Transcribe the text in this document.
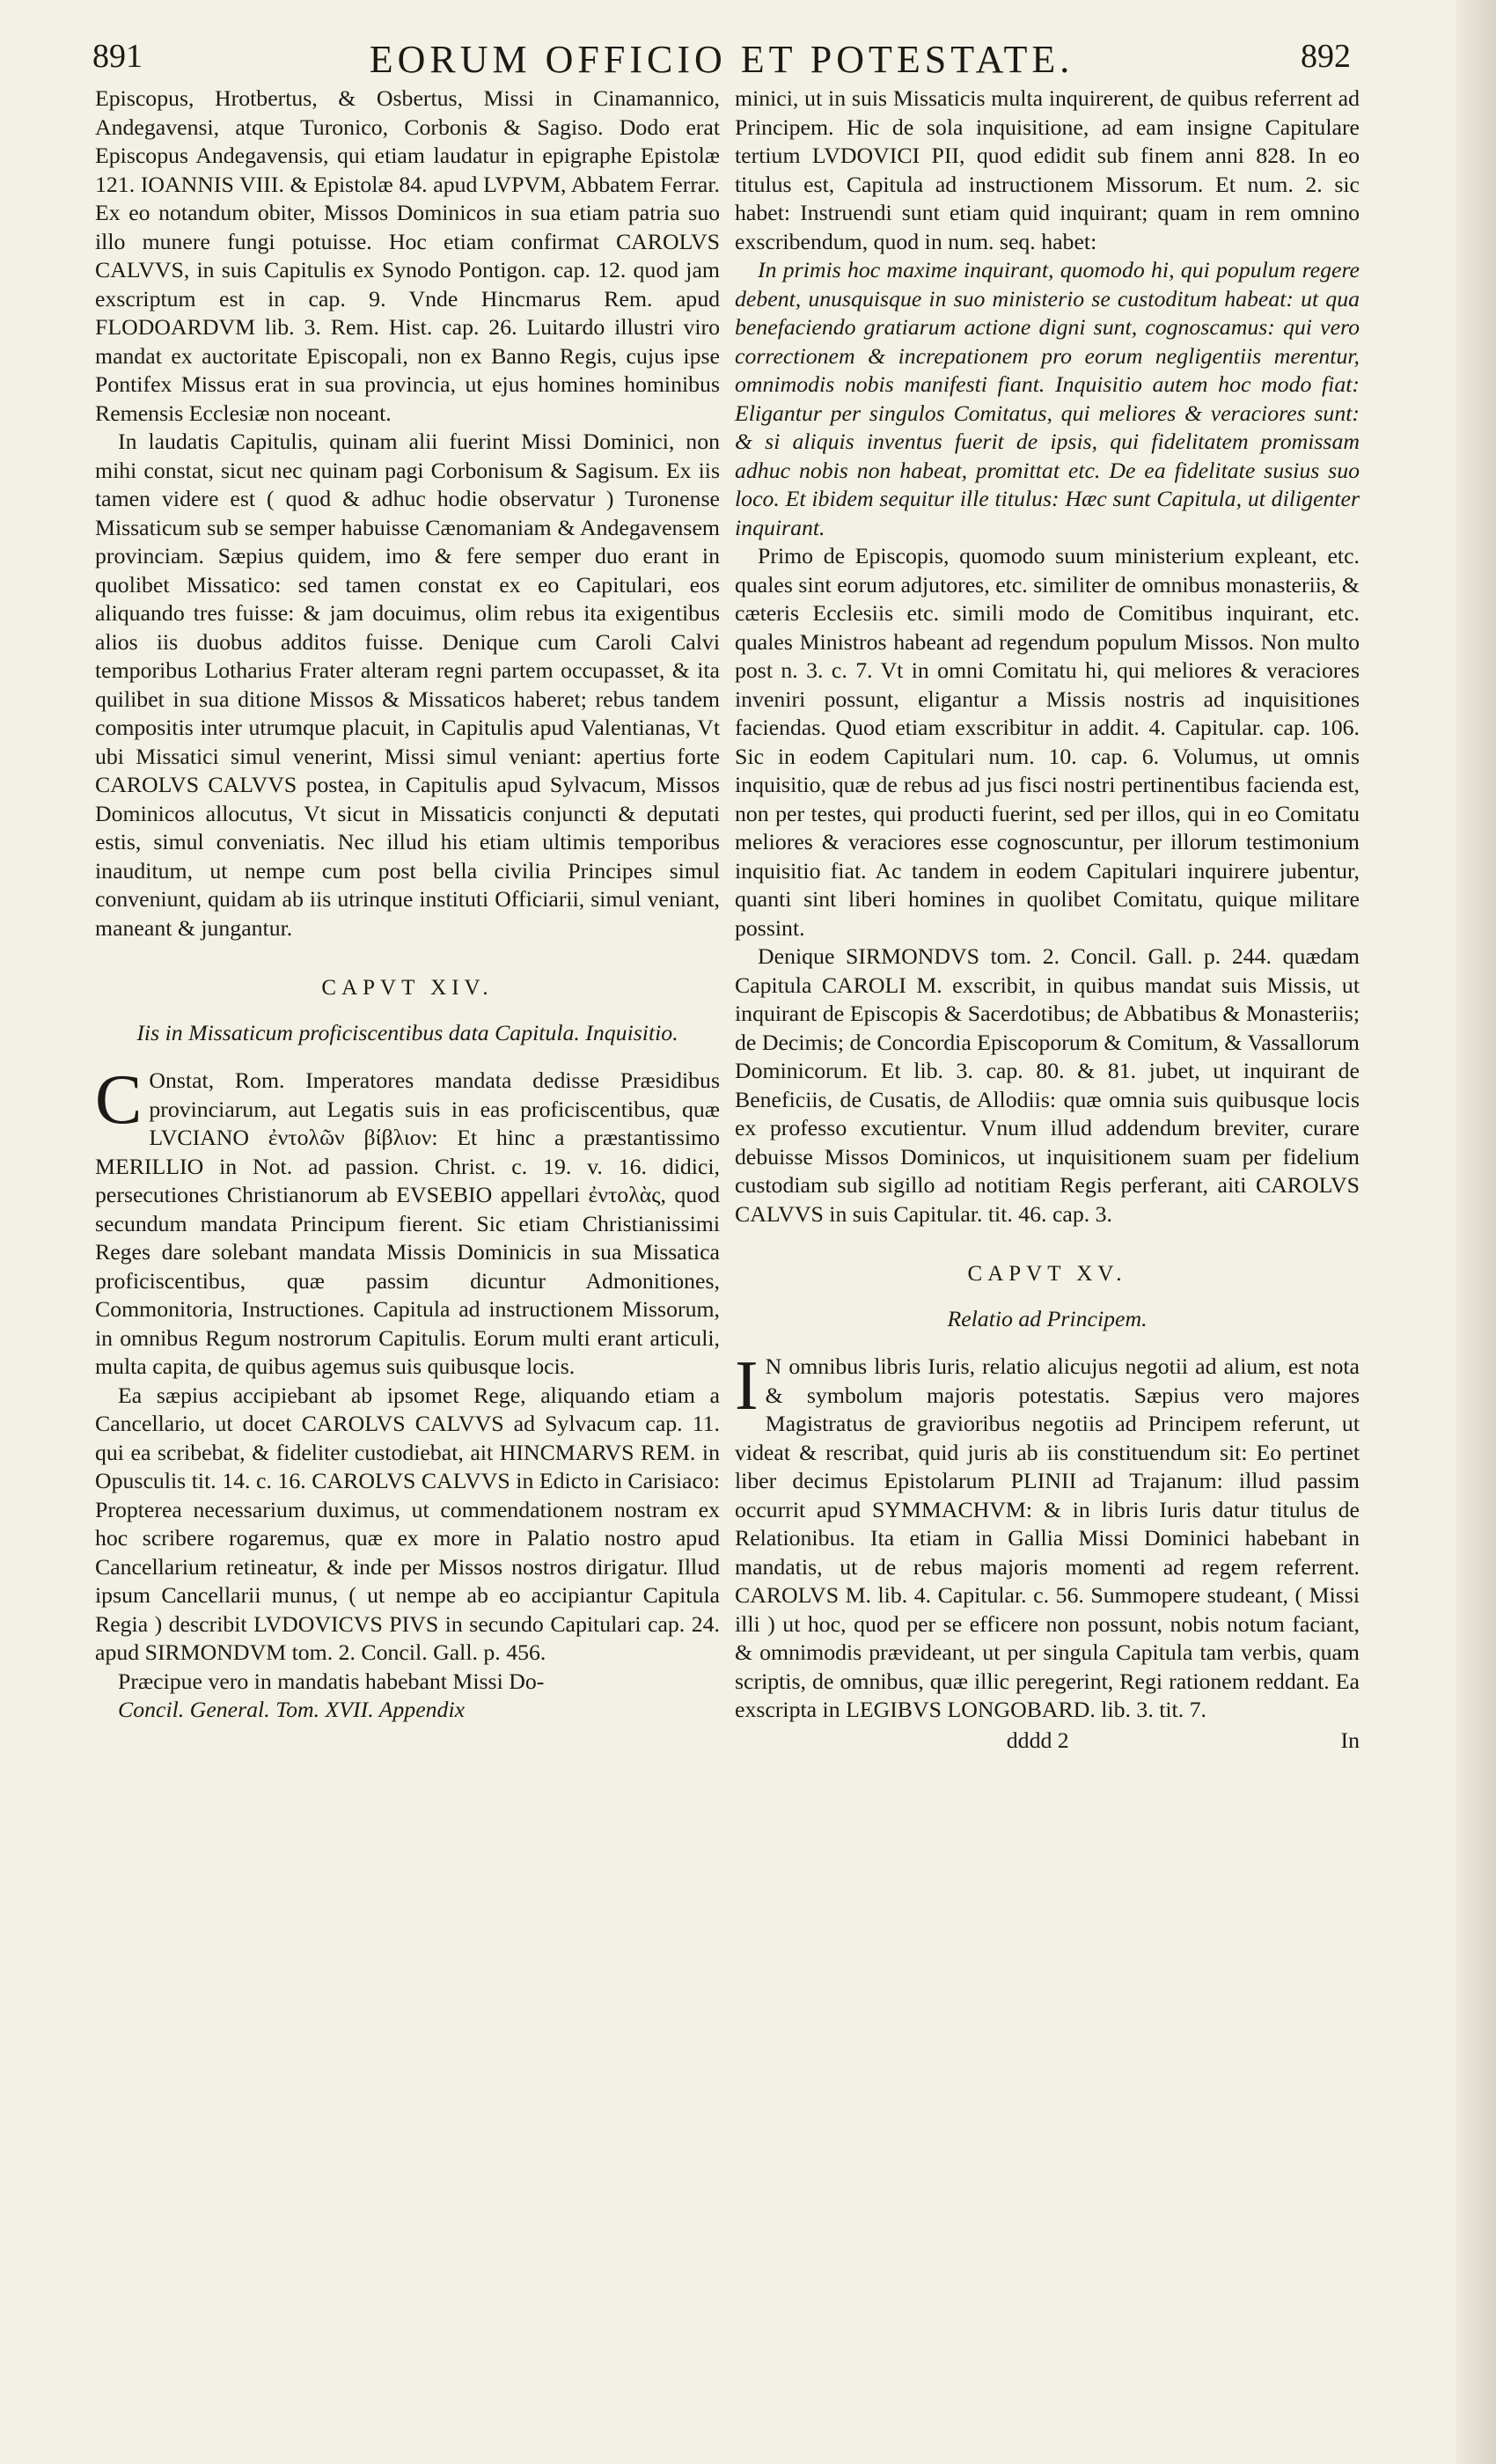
891	EORUM OFFICIO ET POTESTATE.	892

Episcopus, Hrotbertus, & Osbertus, Missi in Cinamannico, Andegavensi, atque Turonico, Corbonis & Sagiso. Dodo erat Episcopus Andegavensis, qui etiam laudatur in epigraphe Epistolæ 121. IOANNIS VIII. & Epistolæ 84. apud LVPVM, Abbatem Ferrar. Ex eo notandum obiter, Missos Dominicos in sua etiam patria suo illo munere fungi potuisse. Hoc etiam confirmat CAROLVS CALVVS, in suis Capitulis ex Synodo Pontigon. cap. 12. quod jam exscriptum est in cap. 9. Vnde Hincmarus Rem. apud FLODOARDVM lib. 3. Rem. Hist. cap. 26. Luitardo illustri viro mandat ex auctoritate Episcopali, non ex Banno Regis, cujus ipse Pontifex Missus erat in sua provincia, ut ejus homines hominibus Remensis Ecclesiæ non noceant.

In laudatis Capitulis, quinam alii fuerint Missi Dominici, non mihi constat, sicut nec quinam pagi Corbonisum & Sagisum. Ex iis tamen videre est ( quod & adhuc hodie observatur ) Turonense Missaticum sub se semper habuisse Cænomaniam & Andegavensem provinciam. Sæpius quidem, imo & fere semper duo erant in quolibet Missatico: sed tamen constat ex eo Capitulari, eos aliquando tres fuisse: & jam docuimus, olim rebus ita exigentibus alios iis duobus additos fuisse. Denique cum Caroli Calvi temporibus Lotharius Frater alteram regni partem occupasset, & ita quilibet in sua ditione Missos & Missaticos haberet; rebus tandem compositis inter utrumque placuit, in Capitulis apud Valentianas, Vt ubi Missatici simul venerint, Missi simul veniant: apertius forte CAROLVS CALVVS postea, in Capitulis apud Sylvacum, Missos Dominicos allocutus, Vt sicut in Missaticis conjuncti & deputati estis, simul conveniatis. Nec illud his etiam ultimis temporibus inauditum, ut nempe cum post bella civilia Principes simul conveniunt, quidam ab iis utrinque instituti Officiarii, simul veniant, maneant & jungantur.

CAPVT XIV.
Iis in Missaticum proficiscentibus data Capitula. Inquisitio.

C Onstat, Rom. Imperatores mandata dedisse Præsidibus provinciarum, aut Legatis suis in eas proficiscentibus, quæ LVCIANO ἐντολῶν βίβλιον: Et hinc a præstantissimo MERILLIO in Not. ad passion. Christ. c. 19. v. 16. didici, persecutiones Christianorum ab EVSEBIO appellari ἐντολὰς, quod secundum mandata Principum fierent. Sic etiam Christianissimi Reges dare solebant mandata Missis Dominicis in sua Missatica proficiscentibus, quæ passim dicuntur Admonitiones, Commonitoria, Instructiones. Capitula ad instructionem Missorum, in omnibus Regum nostrorum Capitulis. Eorum multi erant articuli, multa capita, de quibus agemus suis quibusque locis.

Ea sæpius accipiebant ab ipsomet Rege, aliquando etiam a Cancellario, ut docet CAROLVS CALVVS ad Sylvacum cap. 11. qui ea scribebat, & fideliter custodiebat, ait HINCMARVS REM. in Opusculis tit. 14. c. 16. CAROLVS CALVVS in Edicto in Carisiaco: Propterea necessarium duximus, ut commendationem nostram ex hoc scribere rogaremus, quæ ex more in Palatio nostro apud Cancellarium retineatur, & inde per Missos nostros dirigatur. Illud ipsum Cancellarii munus, ( ut nempe ab eo accipiantur Capitula Regia ) describit LVDOVICVS PIVS in secundo Capitulari cap. 24. apud SIRMONDVM tom. 2. Concil. Gall. p. 456.

Præcipue vero in mandatis habebant Missi Do-

Concil. General. Tom. XVII. Appendix

minici, ut in suis Missaticis multa inquirerent, de quibus referrent ad Principem. Hic de sola inquisitione, ad eam insigne Capitulare tertium LVDOVICI PII, quod edidit sub finem anni 828. In eo titulus est, Capitula ad instructionem Missorum. Et num. 2. sic habet: Instruendi sunt etiam quid inquirant; quam in rem omnino exscribendum, quod in num. seq. habet:

In primis hoc maxime inquirant, quomodo hi, qui populum regere debent, unusquisque in suo ministerio se custoditum habeat: ut qua benefaciendo gratiarum actione digni sunt, cognoscamus: qui vero correctionem & increpationem pro eorum negligentiis merentur, omnimodis nobis manifesti fiant. Inquisitio autem hoc modo fiat: Eligantur per singulos Comitatus, qui meliores & veraciores sunt: & si aliquis inventus fuerit de ipsis, qui fidelitatem promissam adhuc nobis non habeat, promittat etc. De ea fidelitate susius suo loco. Et ibidem sequitur ille titulus: Hæc sunt Capitula, ut diligenter inquirant.

Primo de Episcopis, quomodo suum ministerium expleant, etc. quales sint eorum adjutores, etc. similiter de omnibus monasteriis, & cæteris Ecclesiis etc. simili modo de Comitibus inquirant, etc. quales Ministros habeant ad regendum populum Missos. Non multo post n. 3. c. 7. Vt in omni Comitatu hi, qui meliores & veraciores inveniri possunt, eligantur a Missis nostris ad inquisitiones faciendas. Quod etiam exscribitur in addit. 4. Capitular. cap. 106. Sic in eodem Capitulari num. 10. cap. 6. Volumus, ut omnis inquisitio, quæ de rebus ad jus fisci nostri pertinentibus facienda est, non per testes, qui producti fuerint, sed per illos, qui in eo Comitatu meliores & veraciores esse cognoscuntur, per illorum testimonium inquisitio fiat. Ac tandem in eodem Capitulari inquirere jubentur, quanti sint liberi homines in quolibet Comitatu, quique militare possint.

Denique SIRMONDVS tom. 2. Concil. Gall. p. 244. quædam Capitula CAROLI M. exscribit, in quibus mandat suis Missis, ut inquirant de Episcopis & Sacerdotibus; de Abbatibus & Monasteriis; de Decimis; de Concordia Episcoporum & Comitum, & Vassallorum Dominicorum. Et lib. 3. cap. 80. & 81. jubet, ut inquirant de Beneficiis, de Cusatis, de Allodiis: quæ omnia suis quibusque locis ex professo excutientur. Vnum illud addendum breviter, curare debuisse Missos Dominicos, ut inquisitionem suam per fidelium custodiam sub sigillo ad notitiam Regis perferant, aiti CAROLVS CALVVS in suis Capitular. tit. 46. cap. 3.

CAPVT XV.
Relatio ad Principem.

I N omnibus libris Iuris, relatio alicujus negotii ad alium, est nota & symbolum majoris potestatis. Sæpius vero majores Magistratus de gravioribus negotiis ad Principem referunt, ut videat & rescribat, quid juris ab iis constituendum sit: Eo pertinet liber decimus Epistolarum PLINII ad Trajanum: illud passim occurrit apud SYMMACHVM: & in libris Iuris datur titulus de Relationibus. Ita etiam in Gallia Missi Dominici habebant in mandatis, ut de rebus majoris momenti ad regem referrent. CAROLVS M. lib. 4. Capitular. c. 56. Summopere studeant, ( Missi illi ) ut hoc, quod per se efficere non possunt, nobis notum faciant, & omnimodis prævideant, ut per singula Capitula tam verbis, quam scriptis, de omnibus, quæ illic peregerint, Regi rationem reddant. Ea exscripta in LEGIBVS LONGOBARD. lib. 3. tit. 7.

In
dddd 2
